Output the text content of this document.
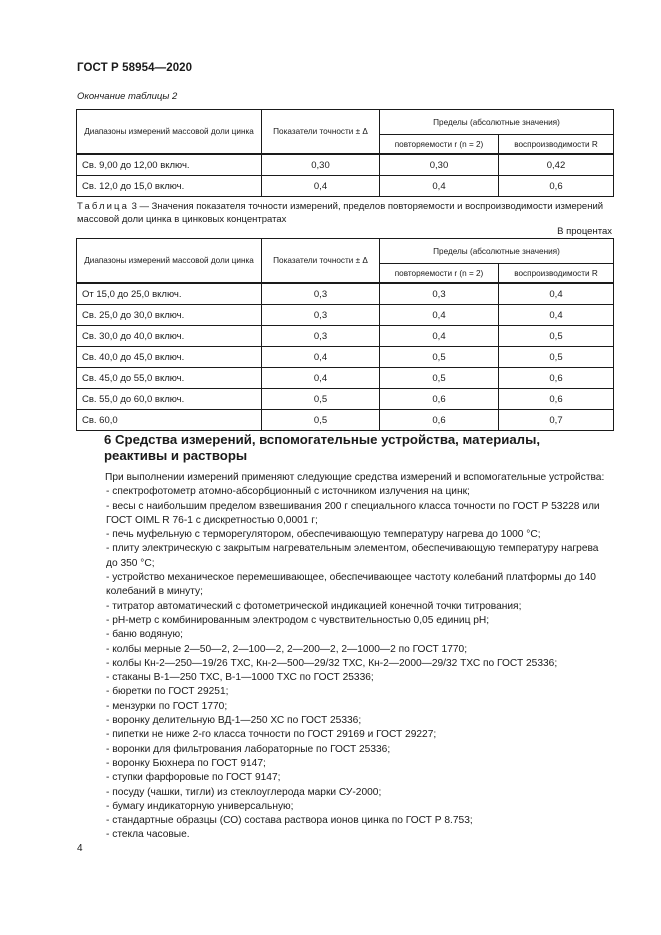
ГОСТ Р 58954—2020
Окончание таблицы 2
Диапазоны измерений массовой доли цинка	Показатели точности ± Δ	Пределы (абсолютные значения)	
		повторяемости r (n = 2)	воспроизводимости R
Св. 9,00 до 12,00 включ.	0,30	0,30	0,42
Св. 12,0 до 15,0 включ.	0,4	0,4	0,6
Таблица 3 — Значения показателя точности измерений, пределов повторяемости и воспроизводимости измерений массовой доли цинка в цинковых концентратах
В процентах
Диапазоны измерений массовой доли цинка	Показатели точности ± Δ	Пределы (абсолютные значения)	
		повторяемости r (n = 2)	воспроизводимости R
От 15,0 до 25,0 включ.	0,3	0,3	0,4
Св. 25,0 до 30,0 включ.	0,3	0,4	0,4
Св. 30,0 до 40,0 включ.	0,3	0,4	0,5
Св. 40,0 до 45,0 включ.	0,4	0,5	0,5
Св. 45,0 до 55,0 включ.	0,4	0,5	0,6
Св. 55,0 до 60,0 включ.	0,5	0,6	0,6
Св. 60,0	0,5	0,6	0,7
6 Средства измерений, вспомогательные устройства, материалы, реактивы и растворы

При выполнении измерений применяют следующие средства измерений и вспомогательные устройства:

- спектрофотометр атомно-абсорбционный с источником излучения на цинк;

- весы с наибольшим пределом взвешивания 200 г специального класса точности по ГОСТ Р 53228 или ГОСТ OIML R 76-1 с дискретностью 0,0001 г;

- печь муфельную с терморегулятором, обеспечивающую температуру нагрева до 1000 °С;

- плиту электрическую с закрытым нагревательным элементом, обеспечивающую температуру нагрева до 350 °С;

- устройство механическое перемешивающее, обеспечивающее частоту колебаний платформы до 140 колебаний в минуту;

- титратор автоматический с фотометрической индикацией конечной точки титрования;

- рН-метр с комбинированным электродом с чувствительностью 0,05 единиц рН;

- баню водяную;

- колбы мерные 2—50—2, 2—100—2, 2—200—2, 2—1000—2 по ГОСТ 1770;

- колбы Кн-2—250—19/26 ТХС, Кн-2—500—29/32 ТХС, Кн-2—2000—29/32 ТХС по ГОСТ 25336;

- стаканы В-1—250 ТХС, В-1—1000 ТХС по ГОСТ 25336;

- бюретки по ГОСТ 29251;

- мензурки по ГОСТ 1770;

- воронку делительную ВД-1—250 ХС по ГОСТ 25336;

- пипетки не ниже 2-го класса точности по ГОСТ 29169 и ГОСТ 29227;

- воронки для фильтрования лабораторные по ГОСТ 25336;

- воронку Бюхнера по ГОСТ 9147;

- ступки фарфоровые по ГОСТ 9147;

- посуду (чашки, тигли) из стеклоуглерода марки СУ-2000;

- бумагу индикаторную универсальную;

- стандартные образцы (СО) состава раствора ионов цинка по ГОСТ Р 8.753;

- стекла часовые.

4
